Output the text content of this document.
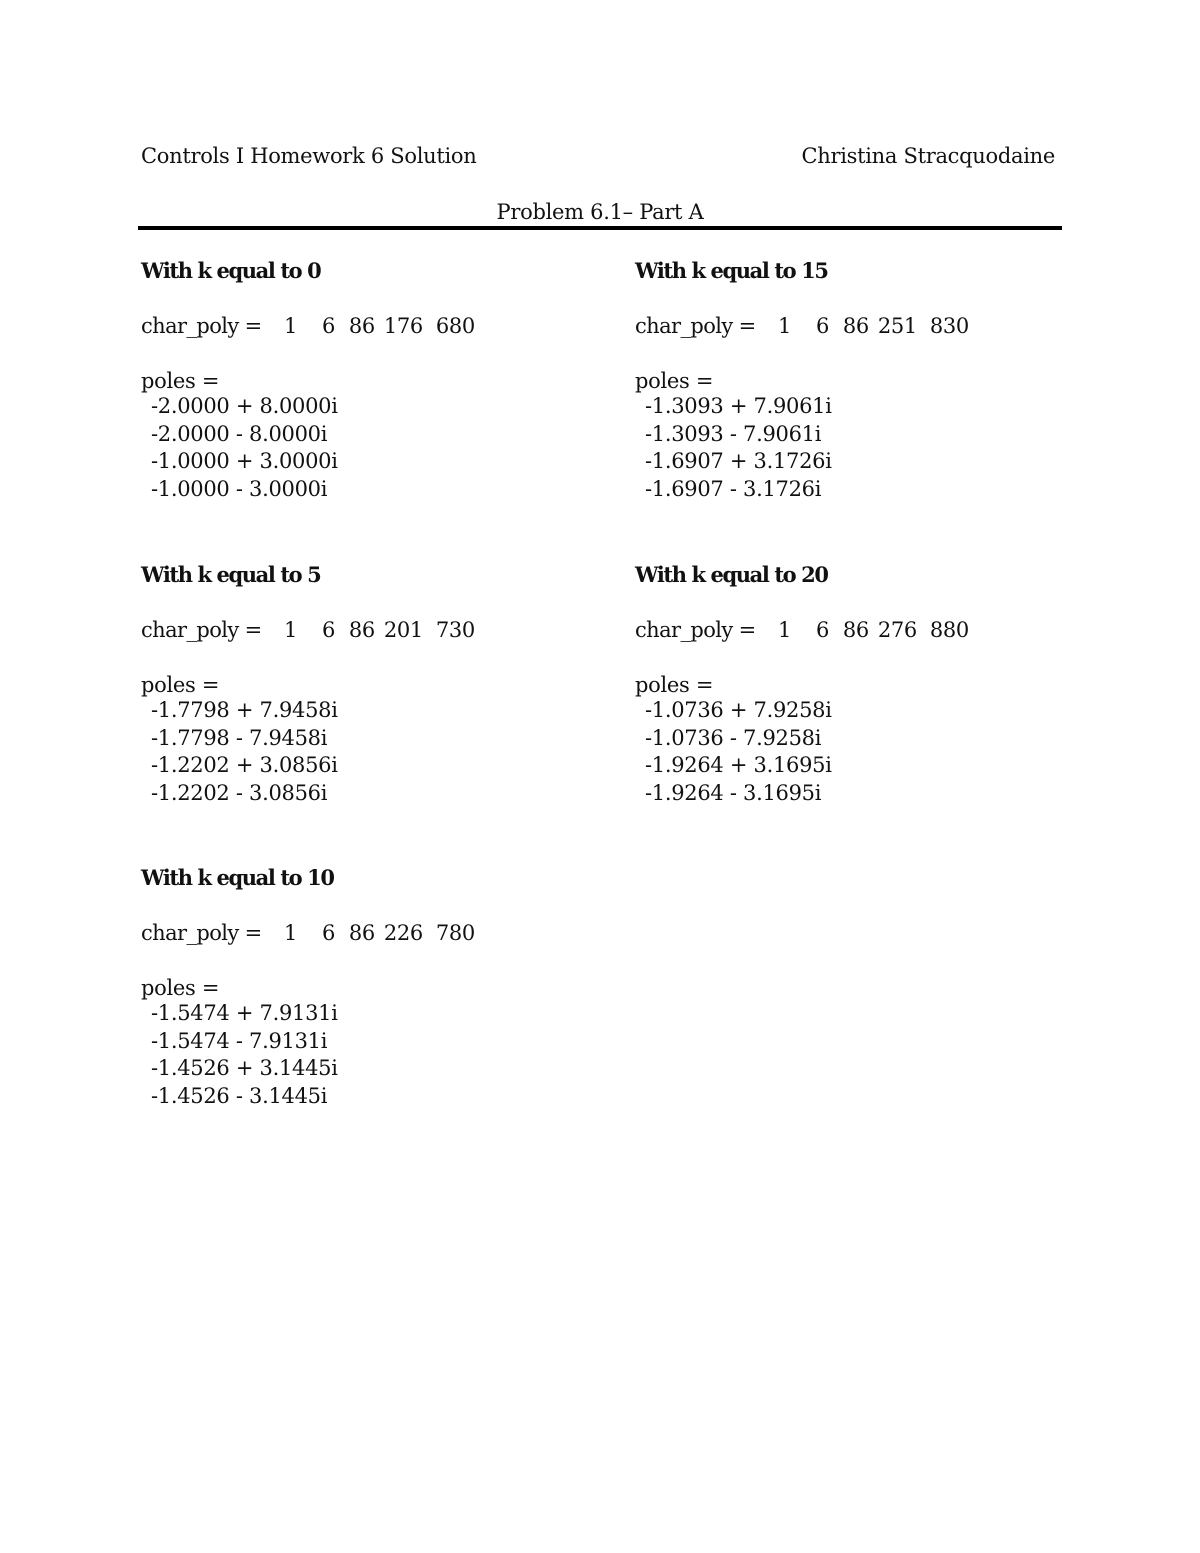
Controls I Homework 6 Solution	Christina Stracquodaine
Problem 6.1– Part A
With k equal to 0
char_poly =	1	6 86 176 680
poles =
-2.0000 + 8.0000i
-2.0000 - 8.0000i
-1.0000 + 3.0000i
-1.0000 - 3.0000i
With k equal to 15
char_poly =	1	6 86 251 830
poles =
-1.3093 + 7.9061i
-1.3093 - 7.9061i
-1.6907 + 3.1726i
-1.6907 - 3.1726i
With k equal to 5
char_poly =	1	6 86 201 730
poles =
-1.7798 + 7.9458i
-1.7798 - 7.9458i
-1.2202 + 3.0856i
-1.2202 - 3.0856i
With k equal to 20
char_poly =	1	6 86 276 880
poles =
-1.0736 + 7.9258i
-1.0736 - 7.9258i
-1.9264 + 3.1695i
-1.9264 - 3.1695i
With k equal to 10
char_poly =	1	6 86 226 780
poles =
-1.5474 + 7.9131i
-1.5474 - 7.9131i
-1.4526 + 3.1445i
-1.4526 - 3.1445i
